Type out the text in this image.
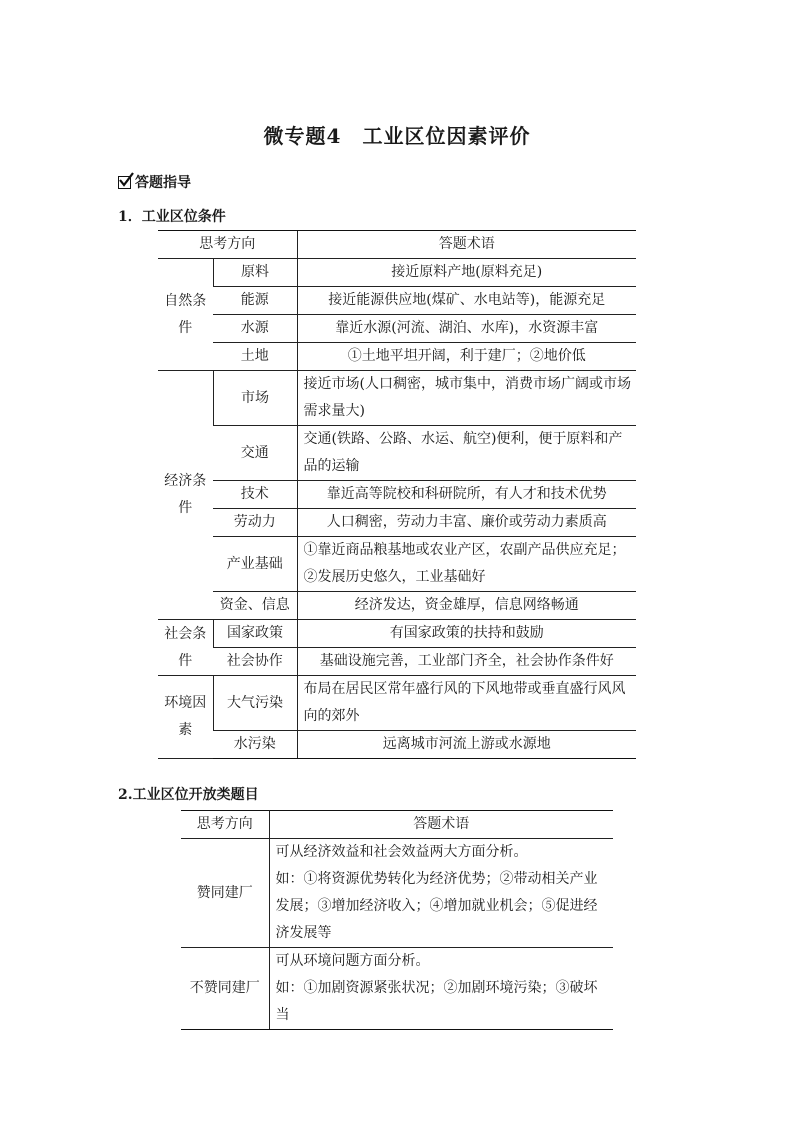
微专题4　工业区位因素评价
答题指导
1．工业区位条件
思考方向		答题术语
自然条件	原料	接近原料产地(原料充足)
	能源	接近能源供应地(煤矿、水电站等)，能源充足
	水源	靠近水源(河流、湖泊、水库)，水资源丰富
	土地	①土地平坦开阔，利于建厂；②地价低
经济条件	市场	接近市场(人口稠密，城市集中，消费市场广阔或市场需求量大)
	交通	交通(铁路、公路、水运、航空)便利，便于原料和产品的运输
	技术	靠近高等院校和科研院所，有人才和技术优势
	劳动力	人口稠密，劳动力丰富、廉价或劳动力素质高
	产业基础	①靠近商品粮基地或农业产区，农副产品供应充足；②发展历史悠久，工业基础好
	资金、信息	经济发达，资金雄厚，信息网络畅通
社会条件	国家政策	有国家政策的扶持和鼓励
	社会协作	基础设施完善，工业部门齐全，社会协作条件好
环境因素	大气污染	布局在居民区常年盛行风的下风地带或垂直盛行风风向的郊外
	水污染	远离城市河流上游或水源地
2.工业区位开放类题目
思考方向	答题术语
赞同建厂	可从经济效益和社会效益两大方面分析。
如：①将资源优势转化为经济优势；②带动相关产业发展；③增加经济收入；④增加就业机会；⑤促进经济发展等

不赞同建厂	可从环境问题方面分析。
如：①加剧资源紧张状况；②加剧环境污染；③破坏当
